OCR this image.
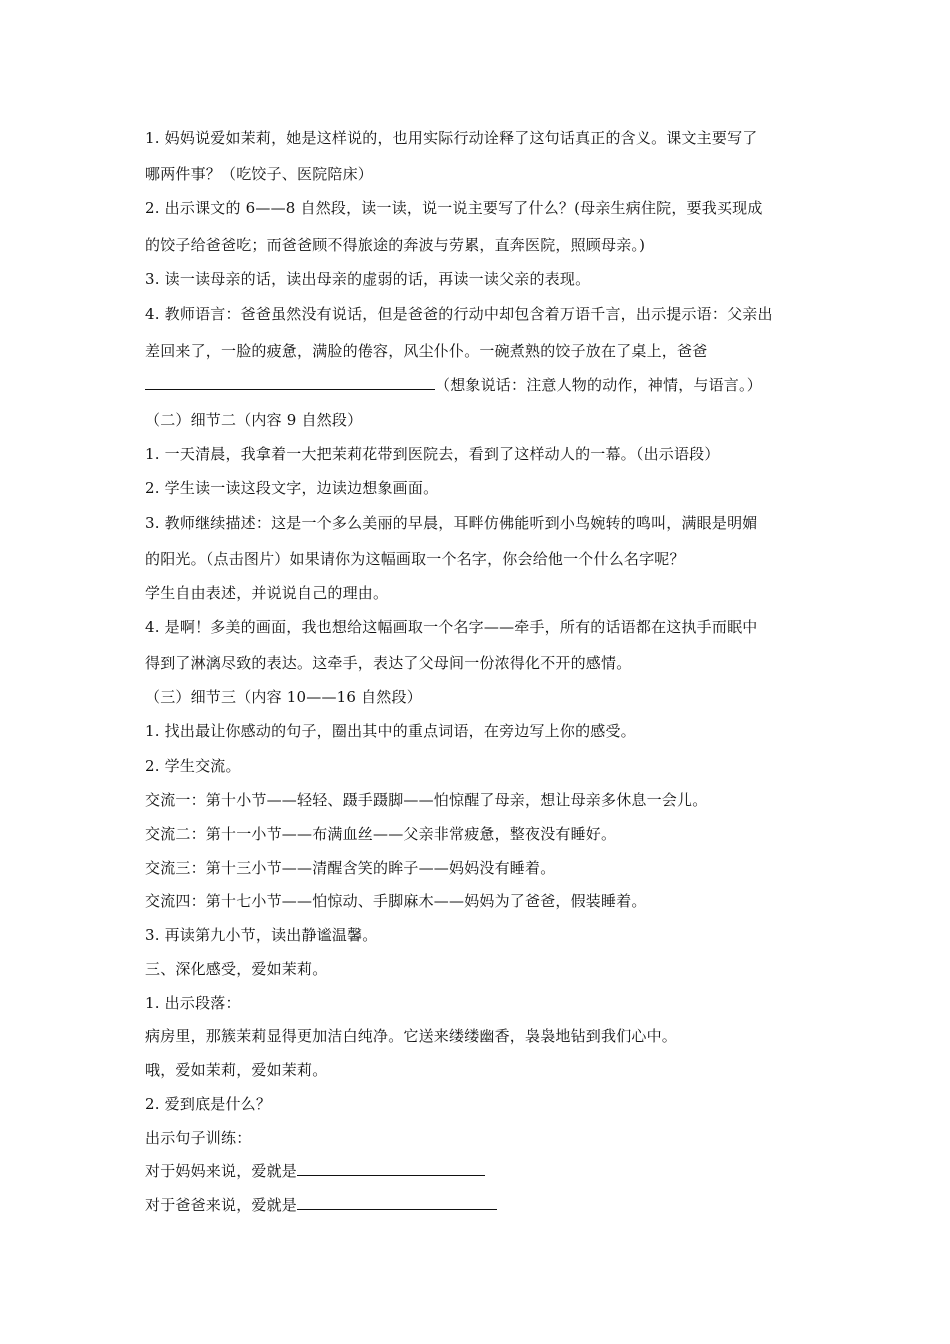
1. 妈妈说爱如茉莉，她是这样说的，也用实际行动诠释了这句话真正的含义。课文主要写了
哪两件事？（吃饺子、医院陪床）
2. 出示课文的 6——8 自然段，读一读，说一说主要写了什么？(母亲生病住院，要我买现成
的饺子给爸爸吃；而爸爸顾不得旅途的奔波与劳累，直奔医院，照顾母亲。)
3. 读一读母亲的话，读出母亲的虚弱的话，再读一读父亲的表现。
4. 教师语言：爸爸虽然没有说话，但是爸爸的行动中却包含着万语千言，出示提示语：父亲出
差回来了，一脸的疲惫，满脸的倦容，风尘仆仆。一碗煮熟的饺子放在了桌上，爸爸
（想象说话：注意人物的动作，神情，与语言。）
（二）细节二（内容 9 自然段）
1. 一天清晨，我拿着一大把茉莉花带到医院去，看到了这样动人的一幕。（出示语段）
2. 学生读一读这段文字，边读边想象画面。
3. 教师继续描述：这是一个多么美丽的早晨，耳畔仿佛能听到小鸟婉转的鸣叫，满眼是明媚
的阳光。（点击图片）如果请你为这幅画取一个名字，你会给他一个什么名字呢？
学生自由表述，并说说自己的理由。
4. 是啊！多美的画面，我也想给这幅画取一个名字——牵手，所有的话语都在这执手而眠中
得到了淋漓尽致的表达。这牵手，表达了父母间一份浓得化不开的感情。
（三）细节三（内容 10——16 自然段）
1. 找出最让你感动的句子，圈出其中的重点词语，在旁边写上你的感受。
2. 学生交流。
交流一：第十小节——轻轻、蹑手蹑脚——怕惊醒了母亲，想让母亲多休息一会儿。
交流二：第十一小节——布满血丝——父亲非常疲惫，整夜没有睡好。
交流三：第十三小节——清醒含笑的眸子——妈妈没有睡着。
交流四：第十七小节——怕惊动、手脚麻木——妈妈为了爸爸，假装睡着。
3. 再读第九小节，读出静谧温馨。
三、深化感受，爱如茉莉。
1. 出示段落：
病房里，那簇茉莉显得更加洁白纯净。它送来缕缕幽香，袅袅地钻到我们心中。
哦，爱如茉莉，爱如茉莉。
2. 爱到底是什么？
出示句子训练：
对于妈妈来说，爱就是
对于爸爸来说，爱就是
